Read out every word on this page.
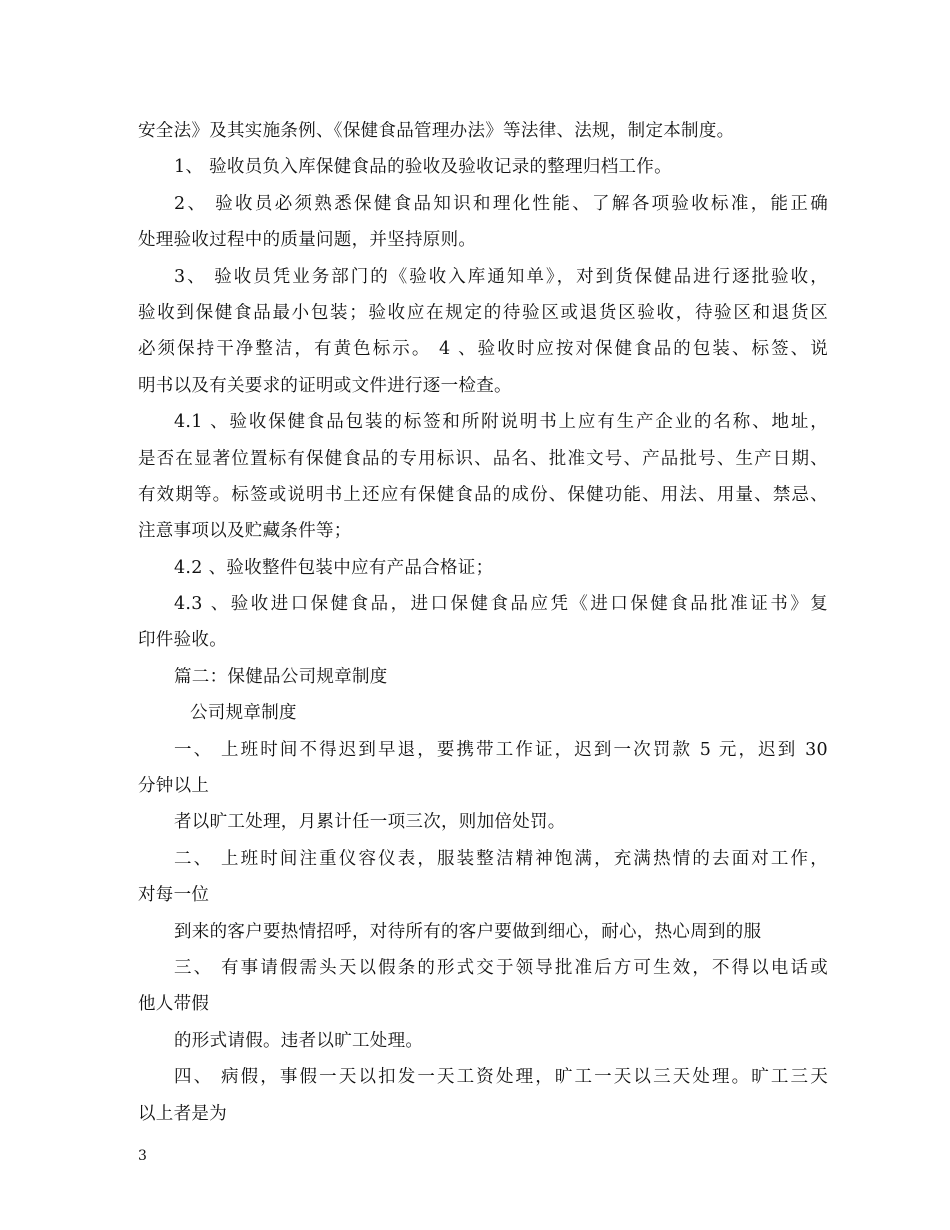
安全法》及其实施条例、《保健食品管理办法》等法律、法规，制定本制度。
1、 验收员负入库保健食品的验收及验收记录的整理归档工作。
2、 验收员必须熟悉保健食品知识和理化性能、了解各项验收标准，能正确
处理验收过程中的质量问题，并坚持原则。
3、 验收员凭业务部门的《验收入库通知单》，对到货保健品进行逐批验收，
验收到保健食品最小包装；验收应在规定的待验区或退货区验收，待验区和退货区
必须保持干净整洁，有黄色标示。 4 、验收时应按对保健食品的包装、标签、说
明书以及有关要求的证明或文件进行逐一检查。
4.1 、验收保健食品包装的标签和所附说明书上应有生产企业的名称、地址，
是否在显著位置标有保健食品的专用标识、品名、批准文号、产品批号、生产日期、
有效期等。标签或说明书上还应有保健食品的成份、保健功能、用法、用量、禁忌、
注意事项以及贮藏条件等；
4.2 、验收整件包装中应有产品合格证；
4.3 、验收进口保健食品，进口保健食品应凭《进口保健食品批准证书》复
印件验收。
篇二：保健品公司规章制度
公司规章制度
一、 上班时间不得迟到早退，要携带工作证，迟到一次罚款 5 元，迟到 30
分钟以上
者以旷工处理，月累计任一项三次，则加倍处罚。
二、 上班时间注重仪容仪表，服装整洁精神饱满，充满热情的去面对工作，
对每一位
到来的客户要热情招呼，对待所有的客户要做到细心，耐心，热心周到的服
三、 有事请假需头天以假条的形式交于领导批准后方可生效，不得以电话或
他人带假
的形式请假。违者以旷工处理。
四、 病假，事假一天以扣发一天工资处理，旷工一天以三天处理。旷工三天
以上者是为
3
